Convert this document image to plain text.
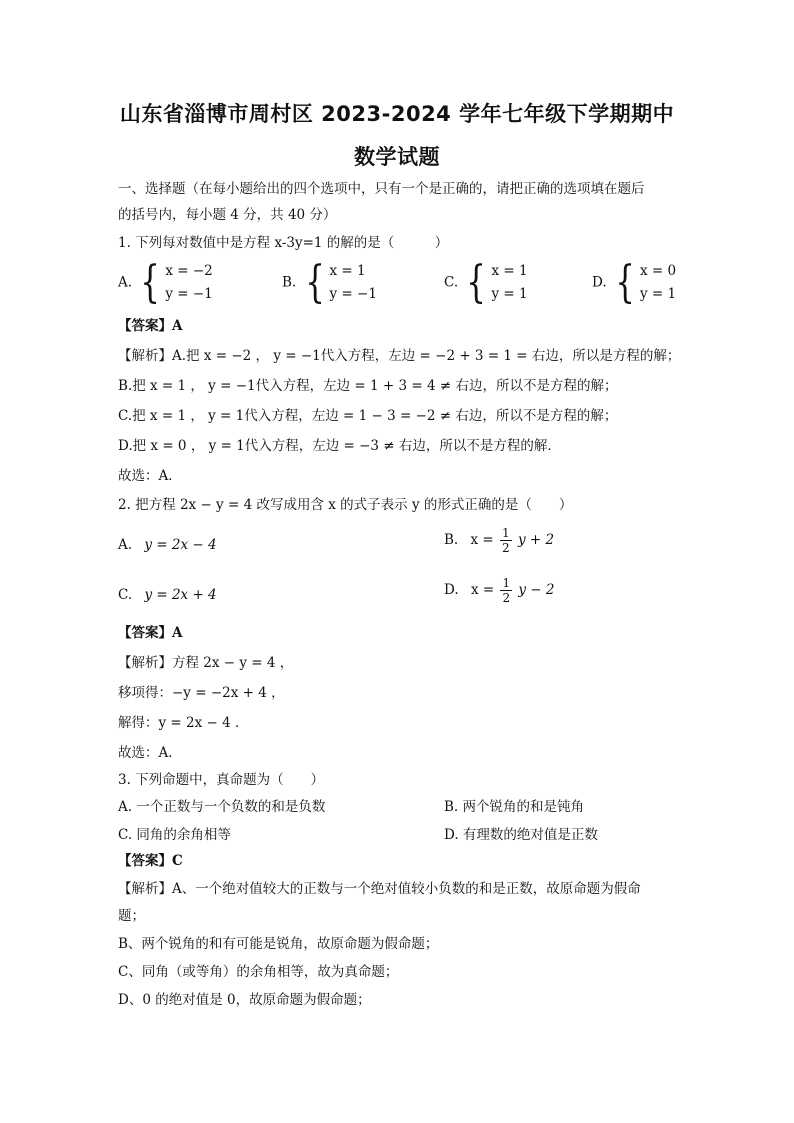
山东省淄博市周村区 2023-2024 学年七年级下学期期中
数学试题
一、选择题（在每小题给出的四个选项中，只有一个是正确的，请把正确的选项填在题后
的括号内，每小题 4 分，共 40 分）
1. 下列每对数值中是方程 x-3y=1 的解的是（　　　）
A. { x = −2
y = −1
B. { x = 1
y = −1
C. { x = 1
y = 1
D. { x = 0
y = 1
【答案】A
【解析】A.把 x = −2 ， y = −1代入方程，左边 = −2 + 3 = 1 = 右边，所以是方程的解；
B.把 x = 1 ， y = −1代入方程，左边 = 1 + 3 = 4 ≠ 右边，所以不是方程的解；
C.把 x = 1 ， y = 1代入方程，左边 = 1 − 3 = −2 ≠ 右边，所以不是方程的解；
D.把 x = 0 ， y = 1代入方程，左边 = −3 ≠ 右边，所以不是方程的解．
故选：A．
2. 把方程 2x − y = 4 改写成用含 x 的式子表示 y 的形式正确的是（　　）
A. y = 2x − 4	B. $x = \frac{1}{2}$ y + 2
C. y = 2x + 4	D. $x = \frac{1}{2}$ y − 2
【答案】A
【解析】方程 2x − y = 4 ，
移项得：−y = −2x + 4 ，
解得：y = 2x − 4 ．
故选：A．
3. 下列命题中，真命题为（　　）
A. 一个正数与一个负数的和是负数	B. 两个锐角的和是钝角
C. 同角的余角相等	D. 有理数的绝对值是正数
【答案】C
【解析】A、一个绝对值较大的正数与一个绝对值较小负数的和是正数，故原命题为假命
题；
B、两个锐角的和有可能是锐角，故原命题为假命题；
C、同角（或等角）的余角相等，故为真命题；
D、0 的绝对值是 0，故原命题为假命题；
